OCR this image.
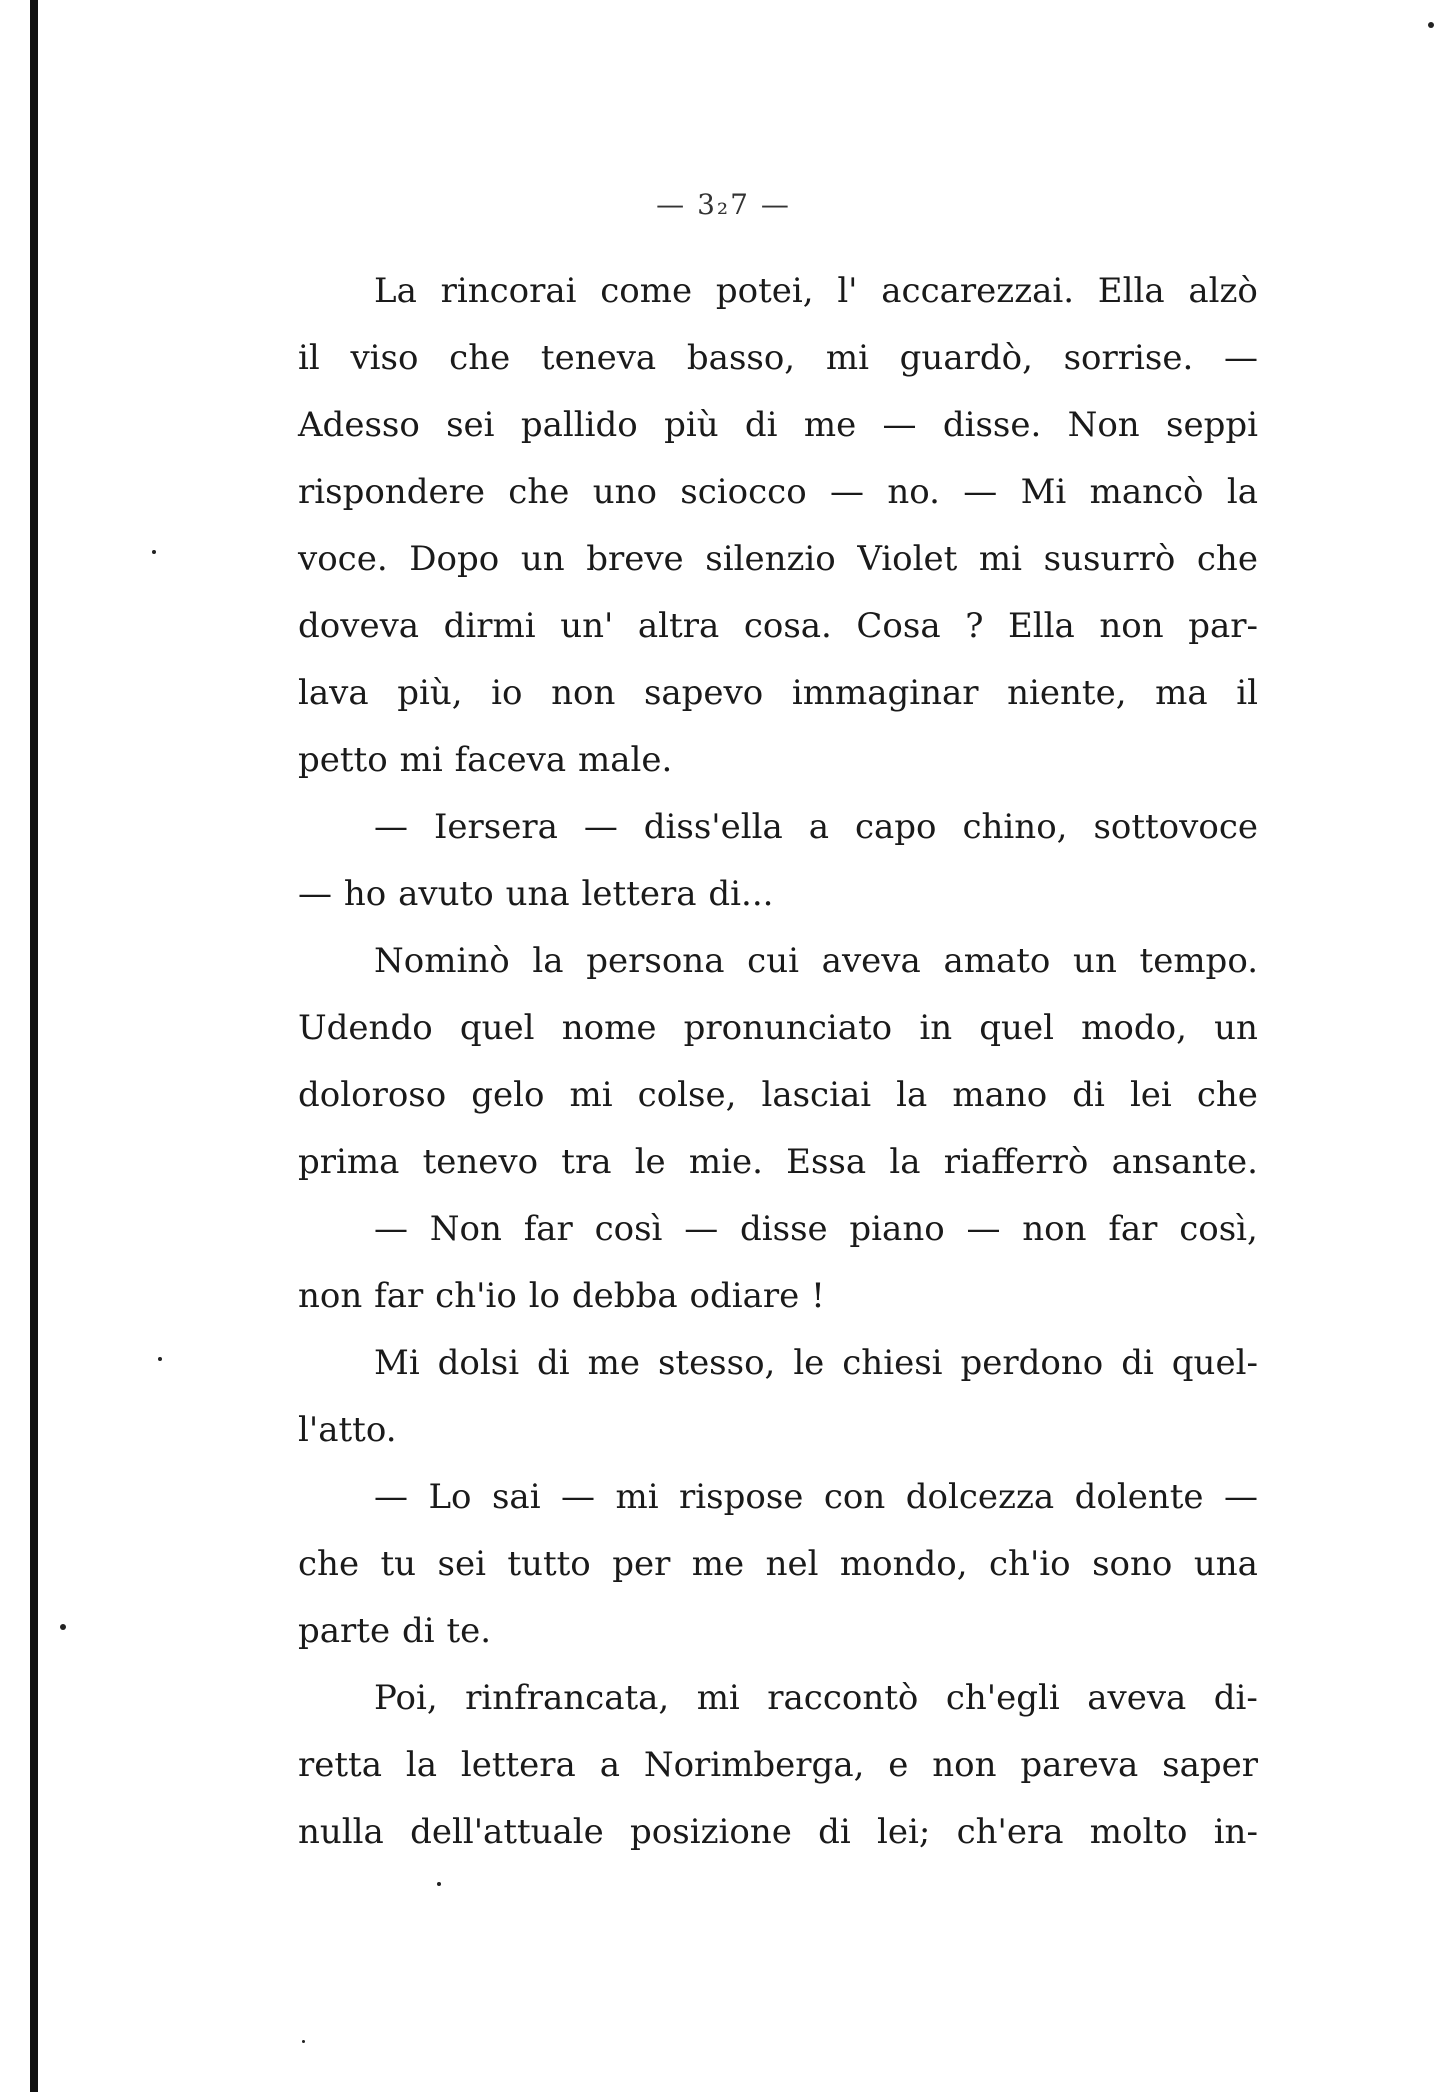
— 3₂7 —
La rincorai come potei, l' accarezzai. Ella alzò
il viso che teneva basso, mi guardò, sorrise. —
Adesso sei pallido più di me — disse. Non seppi
rispondere che uno sciocco — no. — Mi mancò la
voce. Dopo un breve silenzio Violet mi susurrò che
doveva dirmi un' altra cosa. Cosa ? Ella non par-
lava più, io non sapevo immaginar niente, ma il
petto mi faceva male.
— Iersera — diss'ella a capo chino, sottovoce
— ho avuto una lettera di...
Nominò la persona cui aveva amato un tempo.
Udendo quel nome pronunciato in quel modo, un
doloroso gelo mi colse, lasciai la mano di lei che
prima tenevo tra le mie. Essa la riafferrò ansante.
— Non far così — disse piano — non far così,
non far ch'io lo debba odiare !
Mi dolsi di me stesso, le chiesi perdono di quel-
l'atto.
— Lo sai — mi rispose con dolcezza dolente —
che tu sei tutto per me nel mondo, ch'io sono una
parte di te.
Poi, rinfrancata, mi raccontò ch'egli aveva di-
retta la lettera a Norimberga, e non pareva saper
nulla dell'attuale posizione di lei; ch'era molto in-
